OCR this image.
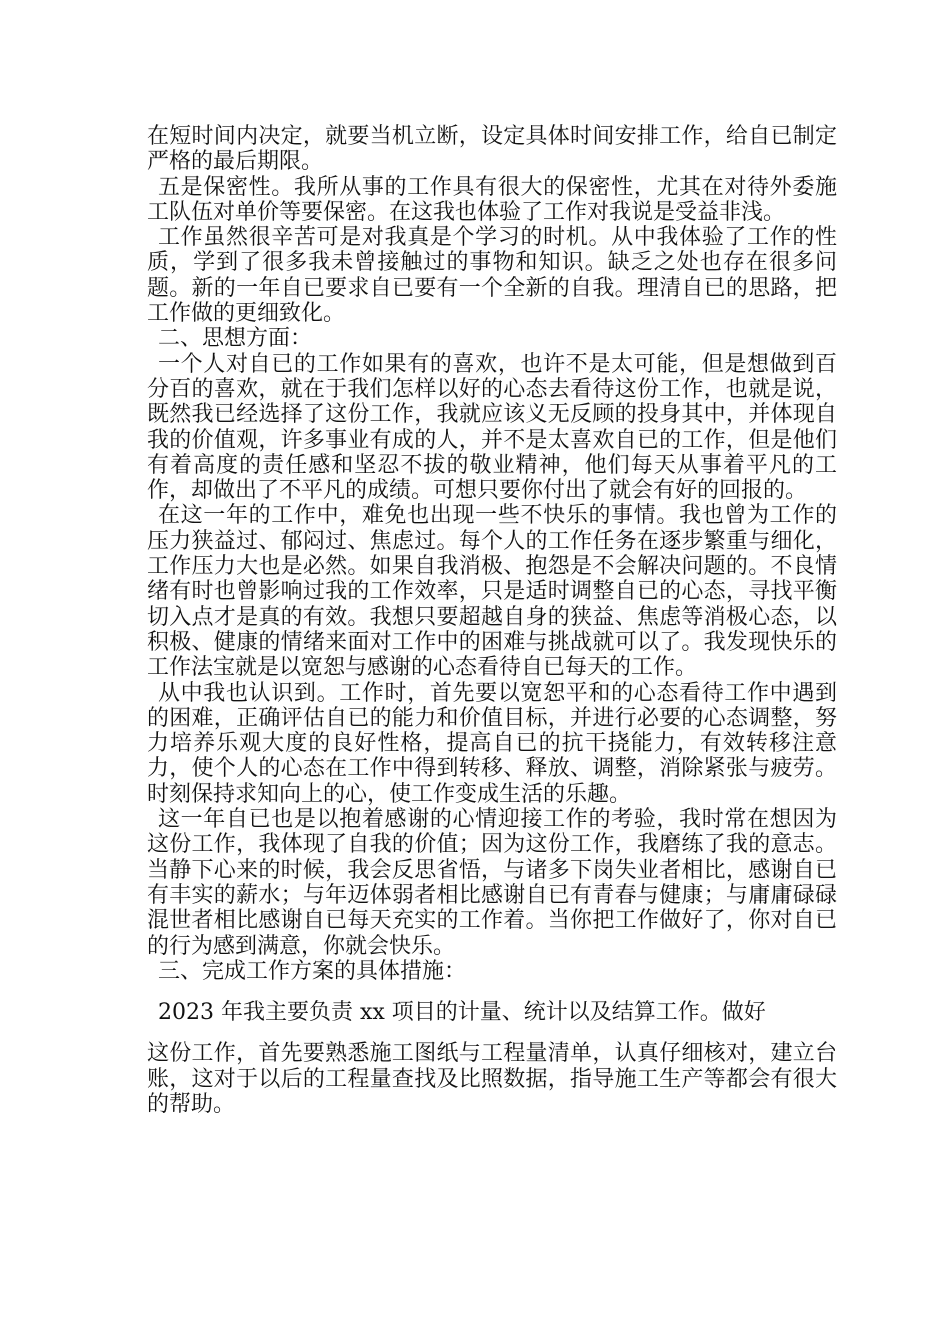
在短时间内决定，就要当机立断，设定具体时间安排工作，给自已制定严格的最后期限。

五是保密性。我所从事的工作具有很大的保密性，尤其在对待外委施工队伍对单价等要保密。在这我也体验了工作对我说是受益非浅。

工作虽然很辛苦可是对我真是个学习的时机。从中我体验了工作的性质，学到了很多我未曾接触过的事物和知识。缺乏之处也存在很多问题。新的一年自已要求自已要有一个全新的自我。理清自已的思路，把工作做的更细致化。

二、思想方面：

一个人对自已的工作如果有的喜欢，也许不是太可能，但是想做到百分百的喜欢，就在于我们怎样以好的心态去看待这份工作，也就是说，既然我已经选择了这份工作，我就应该义无反顾的投身其中，并体现自我的价值观，许多事业有成的人，并不是太喜欢自已的工作，但是他们有着高度的责任感和坚忍不拔的敬业精神，他们每天从事着平凡的工作，却做出了不平凡的成绩。可想只要你付出了就会有好的回报的。

在这一年的工作中，难免也出现一些不快乐的事情。我也曾为工作的压力狭益过、郁闷过、焦虑过。每个人的工作任务在逐步繁重与细化，工作压力大也是必然。如果自我消极、抱怨是不会解决问题的。不良情绪有时也曾影响过我的工作效率，只是适时调整自已的心态，寻找平衡切入点才是真的有效。我想只要超越自身的狭益、焦虑等消极心态，以积极、健康的情绪来面对工作中的困难与挑战就可以了。我发现快乐的工作法宝就是以宽恕与感谢的心态看待自已每天的工作。

从中我也认识到。工作时，首先要以宽恕平和的心态看待工作中遇到的困难，正确评估自已的能力和价值目标，并进行必要的心态调整，努力培养乐观大度的良好性格，提高自已的抗干挠能力，有效转移注意力，使个人的心态在工作中得到转移、释放、调整，消除紧张与疲劳。时刻保持求知向上的心，使工作变成生活的乐趣。

这一年自已也是以抱着感谢的心情迎接工作的考验，我时常在想因为这份工作，我体现了自我的价值；因为这份工作，我磨练了我的意志。当静下心来的时候，我会反思省悟，与诸多下岗失业者相比，感谢自已有丰实的薪水；与年迈体弱者相比感谢自已有青春与健康；与庸庸碌碌混世者相比感谢自已每天充实的工作着。当你把工作做好了，你对自已的行为感到满意，你就会快乐。

三、完成工作方案的具体措施：

2023 年我主要负责 xx 项目的计量、统计以及结算工作。做好

这份工作，首先要熟悉施工图纸与工程量清单，认真仔细核对，建立台账，这对于以后的工程量查找及比照数据，指导施工生产等都会有很大的帮助。
